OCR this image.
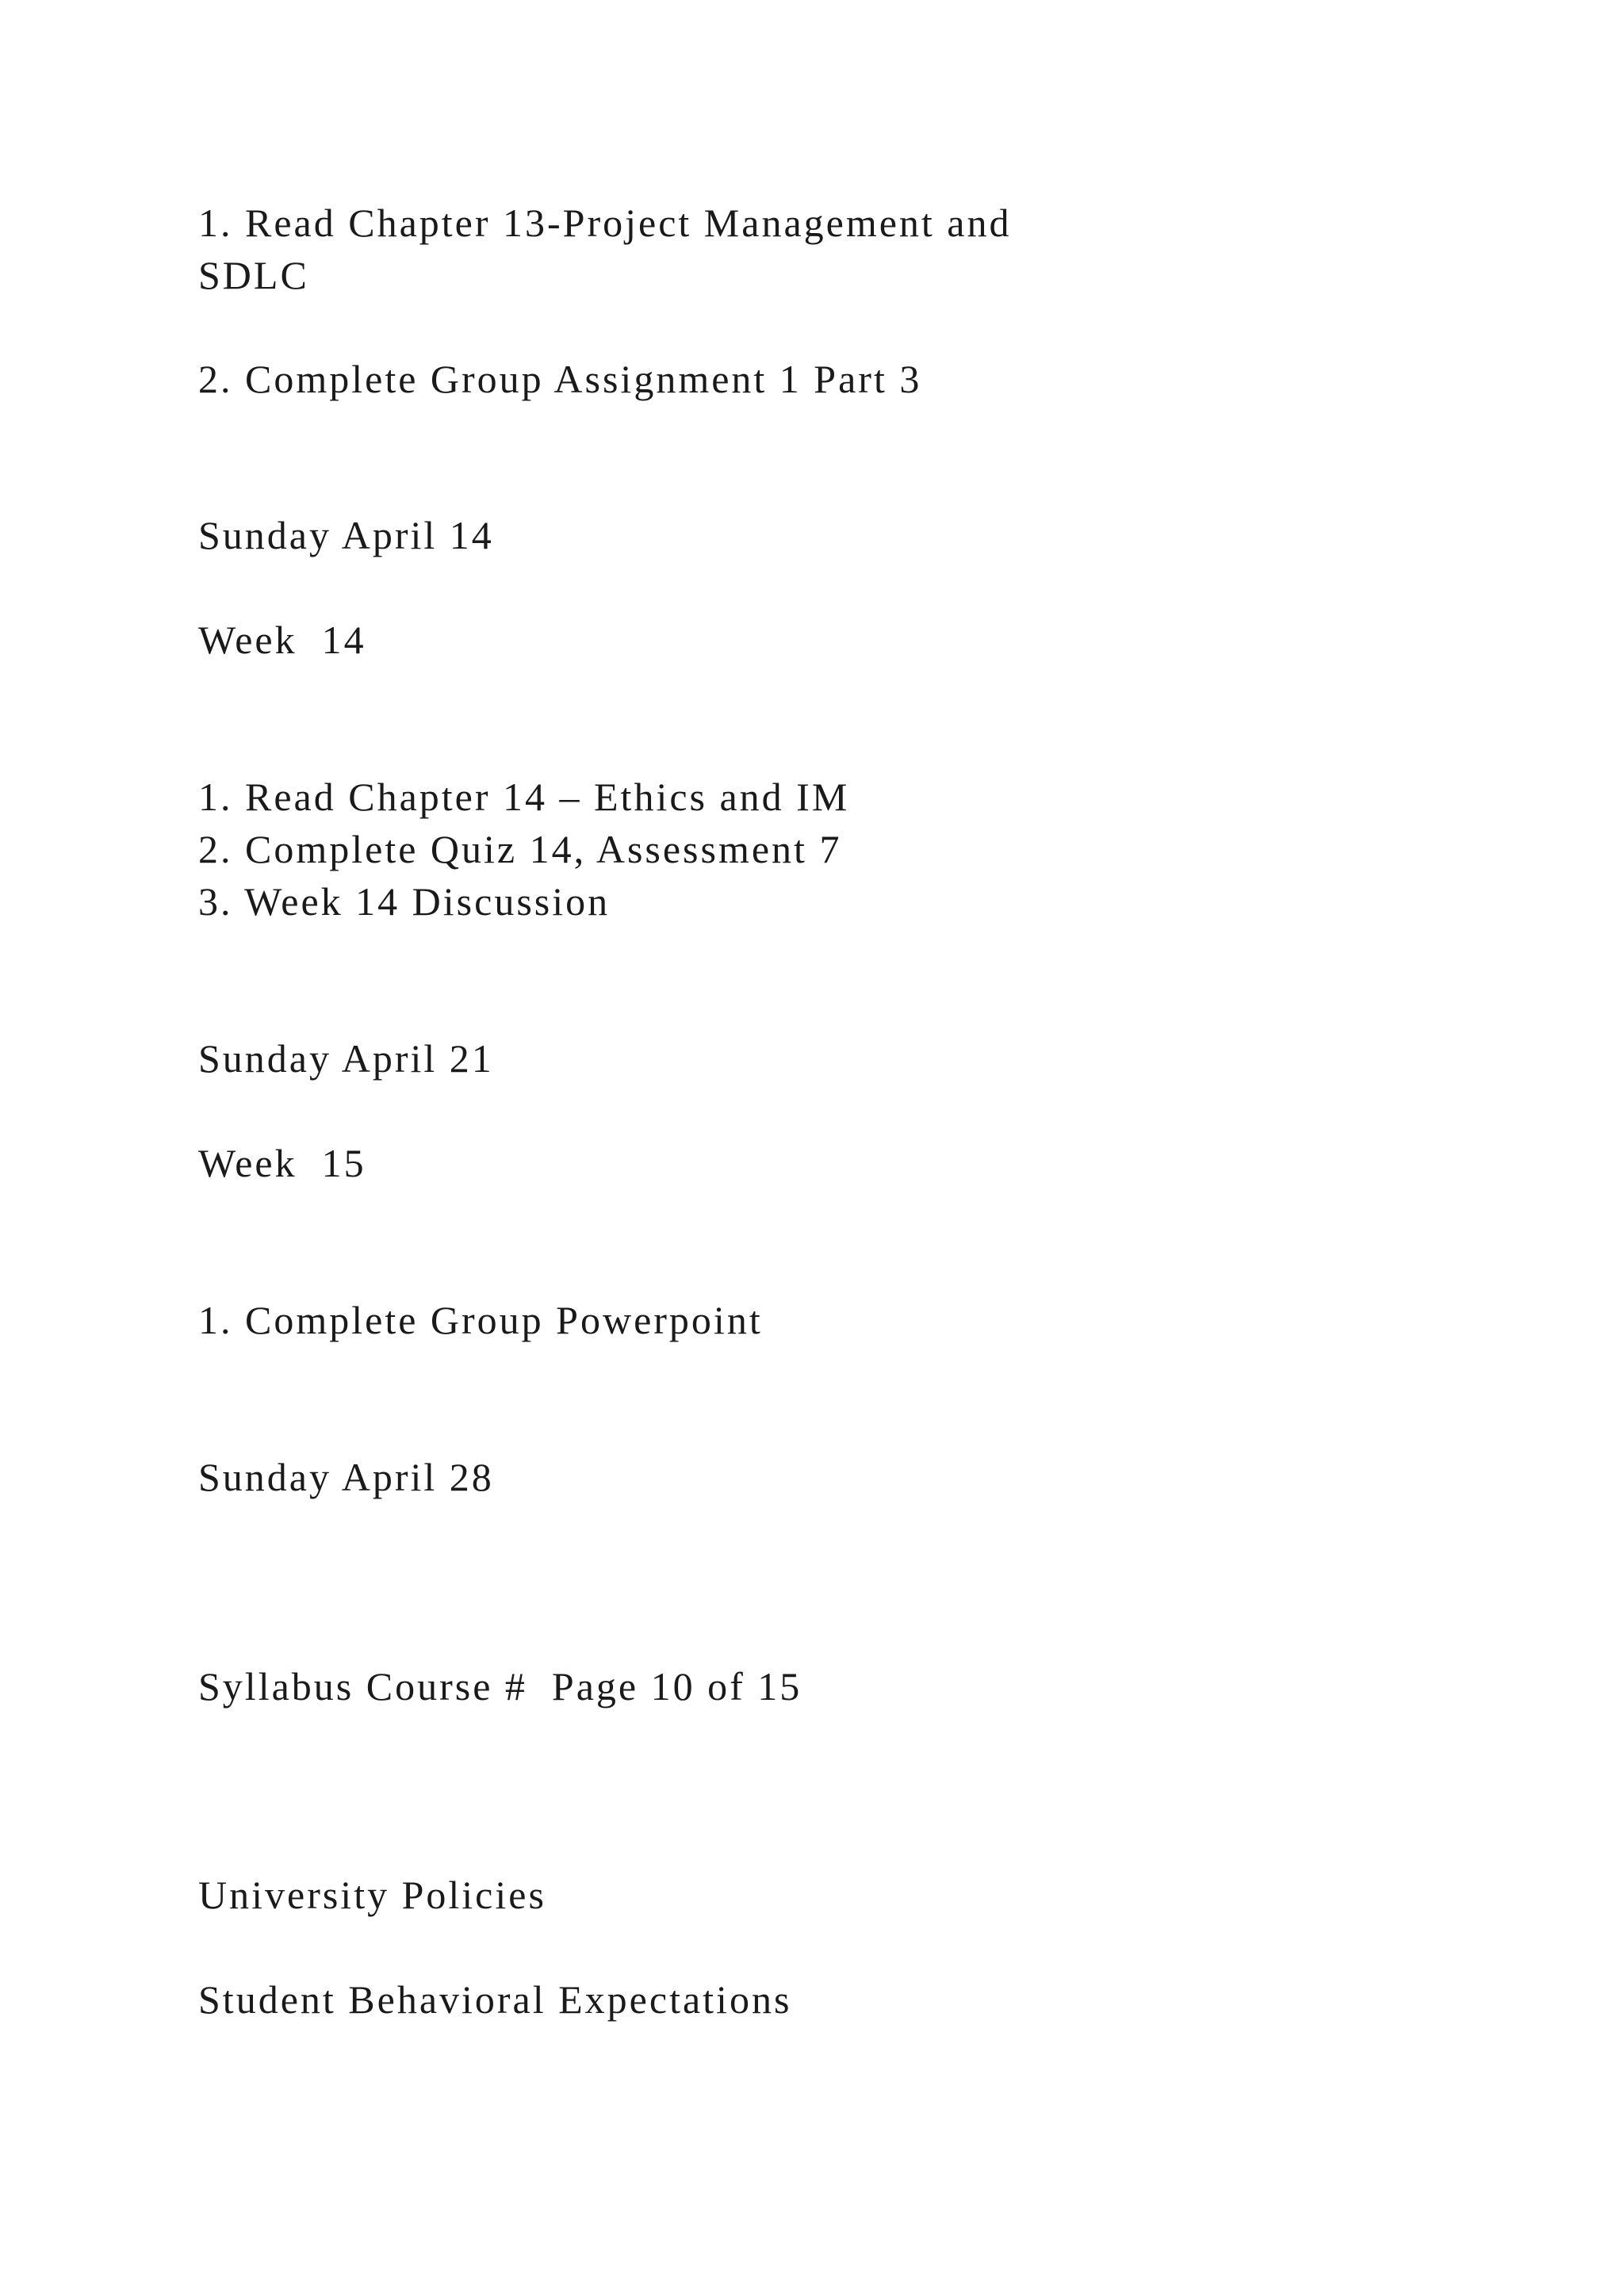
1. Read Chapter 13-Project Management and

SDLC

2. Complete Group Assignment 1 Part 3

Sunday April 14

Week  14

1. Read Chapter 14 – Ethics and IM

2. Complete Quiz 14, Assessment 7

3. Week 14 Discussion

Sunday April 21

Week  15

1. Complete Group Powerpoint

Sunday April 28

Syllabus Course #  Page 10 of 15

University Policies

Student Behavioral Expectations
